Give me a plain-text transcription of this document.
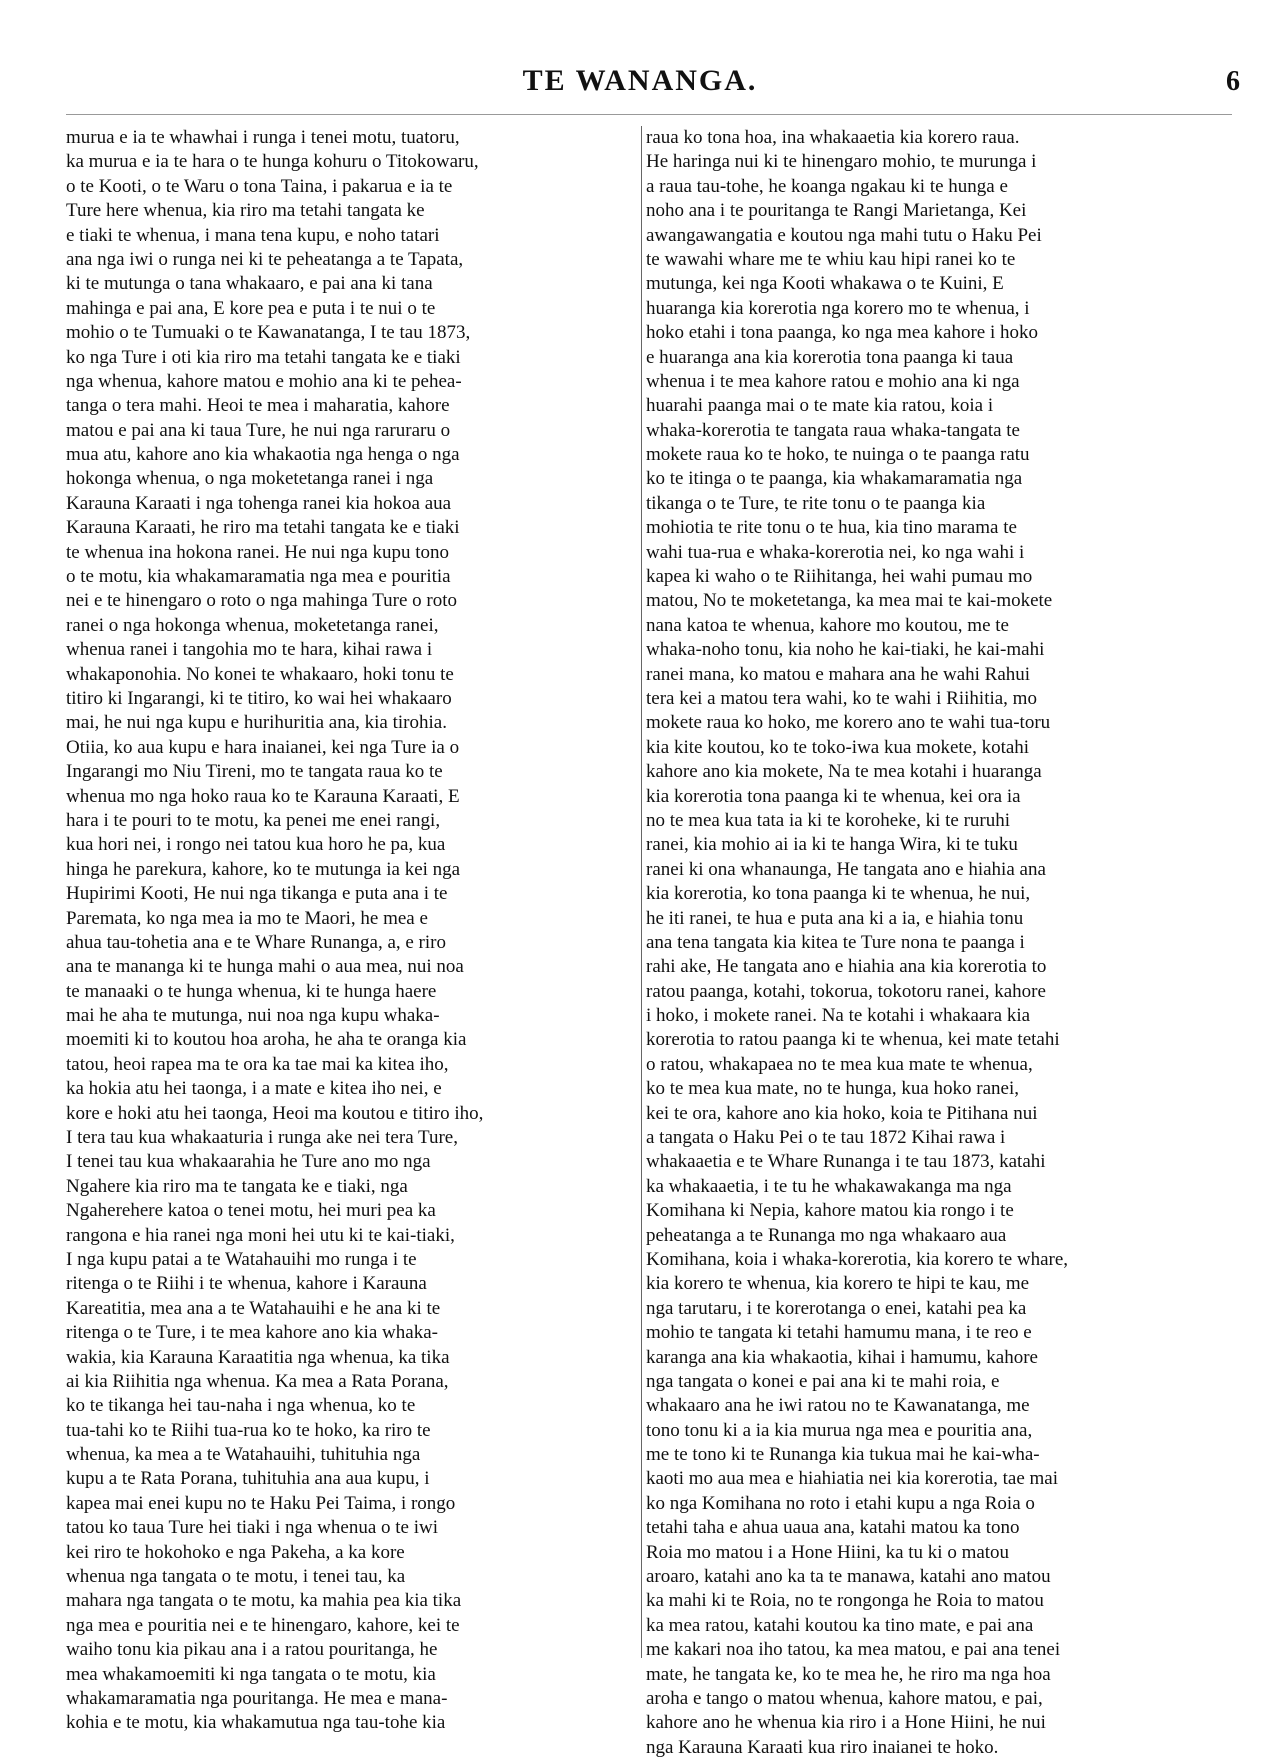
TE WANANGA.	6
murua e ia te whawhai i runga i tenei motu, tuatoru,
ka murua e ia te hara o te hunga kohuru o Titokowaru,
o te Kooti, o te Waru o tona Taina, i pakarua e ia te
Ture here whenua, kia riro ma tetahi tangata ke
e tiaki te whenua, i mana tena kupu, e noho tatari
ana nga iwi o runga nei ki te peheatanga a te Tapata,
ki te mutunga o tana whakaaro, e pai ana ki tana
mahinga e pai ana, E kore pea e puta i te nui o te
mohio o te Tumuaki o te Kawanatanga, I te tau 1873,
ko nga Ture i oti kia riro ma tetahi tangata ke e tiaki
nga whenua, kahore matou e mohio ana ki te pehea-
tanga o tera mahi. Heoi te mea i maharatia, kahore
matou e pai ana ki taua Ture, he nui nga raruraru o
mua atu, kahore ano kia whakaotia nga henga o nga
hokonga whenua, o nga moketetanga ranei i nga
Karauna Karaati i nga tohenga ranei kia hokoa aua
Karauna Karaati, he riro ma tetahi tangata ke e tiaki
te whenua ina hokona ranei. He nui nga kupu tono
o te motu, kia whakamaramatia nga mea e pouritia
nei e te hinengaro o roto o nga mahinga Ture o roto
ranei o nga hokonga whenua, moketetanga ranei,
whenua ranei i tangohia mo te hara, kihai rawa i
whakaponohia. No konei te whakaaro, hoki tonu te
titiro ki Ingarangi, ki te titiro, ko wai hei whakaaro
mai, he nui nga kupu e hurihuritia ana, kia tirohia.
Otiia, ko aua kupu e hara inaianei, kei nga Ture ia o
Ingarangi mo Niu Tireni, mo te tangata raua ko te
whenua mo nga hoko raua ko te Karauna Karaati, E
hara i te pouri to te motu, ka penei me enei rangi,
kua hori nei, i rongo nei tatou kua horo he pa, kua
hinga he parekura, kahore, ko te mutunga ia kei nga
Hupirimi Kooti, He nui nga tikanga e puta ana i te
Paremata, ko nga mea ia mo te Maori, he mea e
ahua tau-tohetia ana e te Whare Runanga, a, e riro
ana te mananga ki te hunga mahi o aua mea, nui noa
te manaaki o te hunga whenua, ki te hunga haere
mai he aha te mutunga, nui noa nga kupu whaka-
moemiti ki to koutou hoa aroha, he aha te oranga kia
tatou, heoi rapea ma te ora ka tae mai ka kitea iho,
ka hokia atu hei taonga, i a mate e kitea iho nei, e
kore e hoki atu hei taonga, Heoi ma koutou e titiro iho,
I tera tau kua whakaaturia i runga ake nei tera Ture,
I tenei tau kua whakaarahia he Ture ano mo nga
Ngahere kia riro ma te tangata ke e tiaki, nga
Ngaherehere katoa o tenei motu, hei muri pea ka
rangona e hia ranei nga moni hei utu ki te kai-tiaki,
I nga kupu patai a te Watahauihi mo runga i te
ritenga o te Riihi i te whenua, kahore i Karauna
Kareatitia, mea ana a te Watahauihi e he ana ki te
ritenga o te Ture, i te mea kahore ano kia whaka-
wakia, kia Karauna Karaatitia nga whenua, ka tika
ai kia Riihitia nga whenua. Ka mea a Rata Porana,
ko te tikanga hei tau-naha i nga whenua, ko te
tua-tahi ko te Riihi tua-rua ko te hoko, ka riro te
whenua, ka mea a te Watahauihi, tuhituhia nga
kupu a te Rata Porana, tuhituhia ana aua kupu, i
kapea mai enei kupu no te Haku Pei Taima, i rongo
tatou ko taua Ture hei tiaki i nga whenua o te iwi
kei riro te hokohoko e nga Pakeha, a ka kore
whenua nga tangata o te motu, i tenei tau, ka
mahara nga tangata o te motu, ka mahia pea kia tika
nga mea e pouritia nei e te hinengaro, kahore, kei te
waiho tonu kia pikau ana i a ratou pouritanga, he
mea whakamoemiti ki nga tangata o te motu, kia
whakamaramatia nga pouritanga. He mea e mana-
kohia e te motu, kia whakamutua nga tau-tohe kia
raua ko tona hoa, ina whakaaetia kia korero raua.
He haringa nui ki te hinengaro mohio, te murunga i
a raua tau-tohe, he koanga ngakau ki te hunga e
noho ana i te pouritanga te Rangi Marietanga, Kei
awangawangatia e koutou nga mahi tutu o Haku Pei
te wawahi whare me te whiu kau hipi ranei ko te
mutunga, kei nga Kooti whakawa o te Kuini, E
huaranga kia korerotia nga korero mo te whenua, i
hoko etahi i tona paanga, ko nga mea kahore i hoko
e huaranga ana kia korerotia tona paanga ki taua
whenua i te mea kahore ratou e mohio ana ki nga
huarahi paanga mai o te mate kia ratou, koia i
whaka-korerotia te tangata raua whaka-tangata te
mokete raua ko te hoko, te nuinga o te paanga ratu
ko te itinga o te paanga, kia whakamaramatia nga
tikanga o te Ture, te rite tonu o te paanga kia
mohiotia te rite tonu o te hua, kia tino marama te
wahi tua-rua e whaka-korerotia nei, ko nga wahi i
kapea ki waho o te Riihitanga, hei wahi pumau mo
matou, No te moketetanga, ka mea mai te kai-mokete
nana katoa te whenua, kahore mo koutou, me te
whaka-noho tonu, kia noho he kai-tiaki, he kai-mahi
ranei mana, ko matou e mahara ana he wahi Rahui
tera kei a matou tera wahi, ko te wahi i Riihitia, mo
mokete raua ko hoko, me korero ano te wahi tua-toru
kia kite koutou, ko te toko-iwa kua mokete, kotahi
kahore ano kia mokete, Na te mea kotahi i huaranga
kia korerotia tona paanga ki te whenua, kei ora ia
no te mea kua tata ia ki te koroheke, ki te ruruhi
ranei, kia mohio ai ia ki te hanga Wira, ki te tuku
ranei ki ona whanaunga, He tangata ano e hiahia ana
kia korerotia, ko tona paanga ki te whenua, he nui,
he iti ranei, te hua e puta ana ki a ia, e hiahia tonu
ana tena tangata kia kitea te Ture nona te paanga i
rahi ake, He tangata ano e hiahia ana kia korerotia to
ratou paanga, kotahi, tokorua, tokotoru ranei, kahore
i hoko, i mokete ranei. Na te kotahi i whakaara kia
korerotia to ratou paanga ki te whenua, kei mate tetahi
o ratou, whakapaea no te mea kua mate te whenua,
ko te mea kua mate, no te hunga, kua hoko ranei,
kei te ora, kahore ano kia hoko, koia te Pitihana nui
a tangata o Haku Pei o te tau 1872 Kihai rawa i
whakaaetia e te Whare Runanga i te tau 1873, katahi
ka whakaaetia, i te tu he whakawakanga ma nga
Komihana ki Nepia, kahore matou kia rongo i te
peheatanga a te Runanga mo nga whakaaro aua
Komihana, koia i whaka-korerotia, kia korero te whare,
kia korero te whenua, kia korero te hipi te kau, me
nga tarutaru, i te korerotanga o enei, katahi pea ka
mohio te tangata ki tetahi hamumu mana, i te reo e
karanga ana kia whakaotia, kihai i hamumu, kahore
nga tangata o konei e pai ana ki te mahi roia, e
whakaaro ana he iwi ratou no te Kawanatanga, me
tono tonu ki a ia kia murua nga mea e pouritia ana,
me te tono ki te Runanga kia tukua mai he kai-wha-
kaoti mo aua mea e hiahiatia nei kia korerotia, tae mai
ko nga Komihana no roto i etahi kupu a nga Roia o
tetahi taha e ahua uaua ana, katahi matou ka tono
Roia mo matou i a Hone Hiini, ka tu ki o matou
aroaro, katahi ano ka ta te manawa, katahi ano matou
ka mahi ki te Roia, no te rongonga he Roia to matou
ka mea ratou, katahi koutou ka tino mate, e pai ana
me kakari noa iho tatou, ka mea matou, e pai ana tenei
mate, he tangata ke, ko te mea he, he riro ma nga hoa
aroha e tango o matou whenua, kahore matou, e pai,
kahore ano he whenua kia riro i a Hone Hiini, he nui
nga Karauna Karaati kua riro inaianei te hoko.
